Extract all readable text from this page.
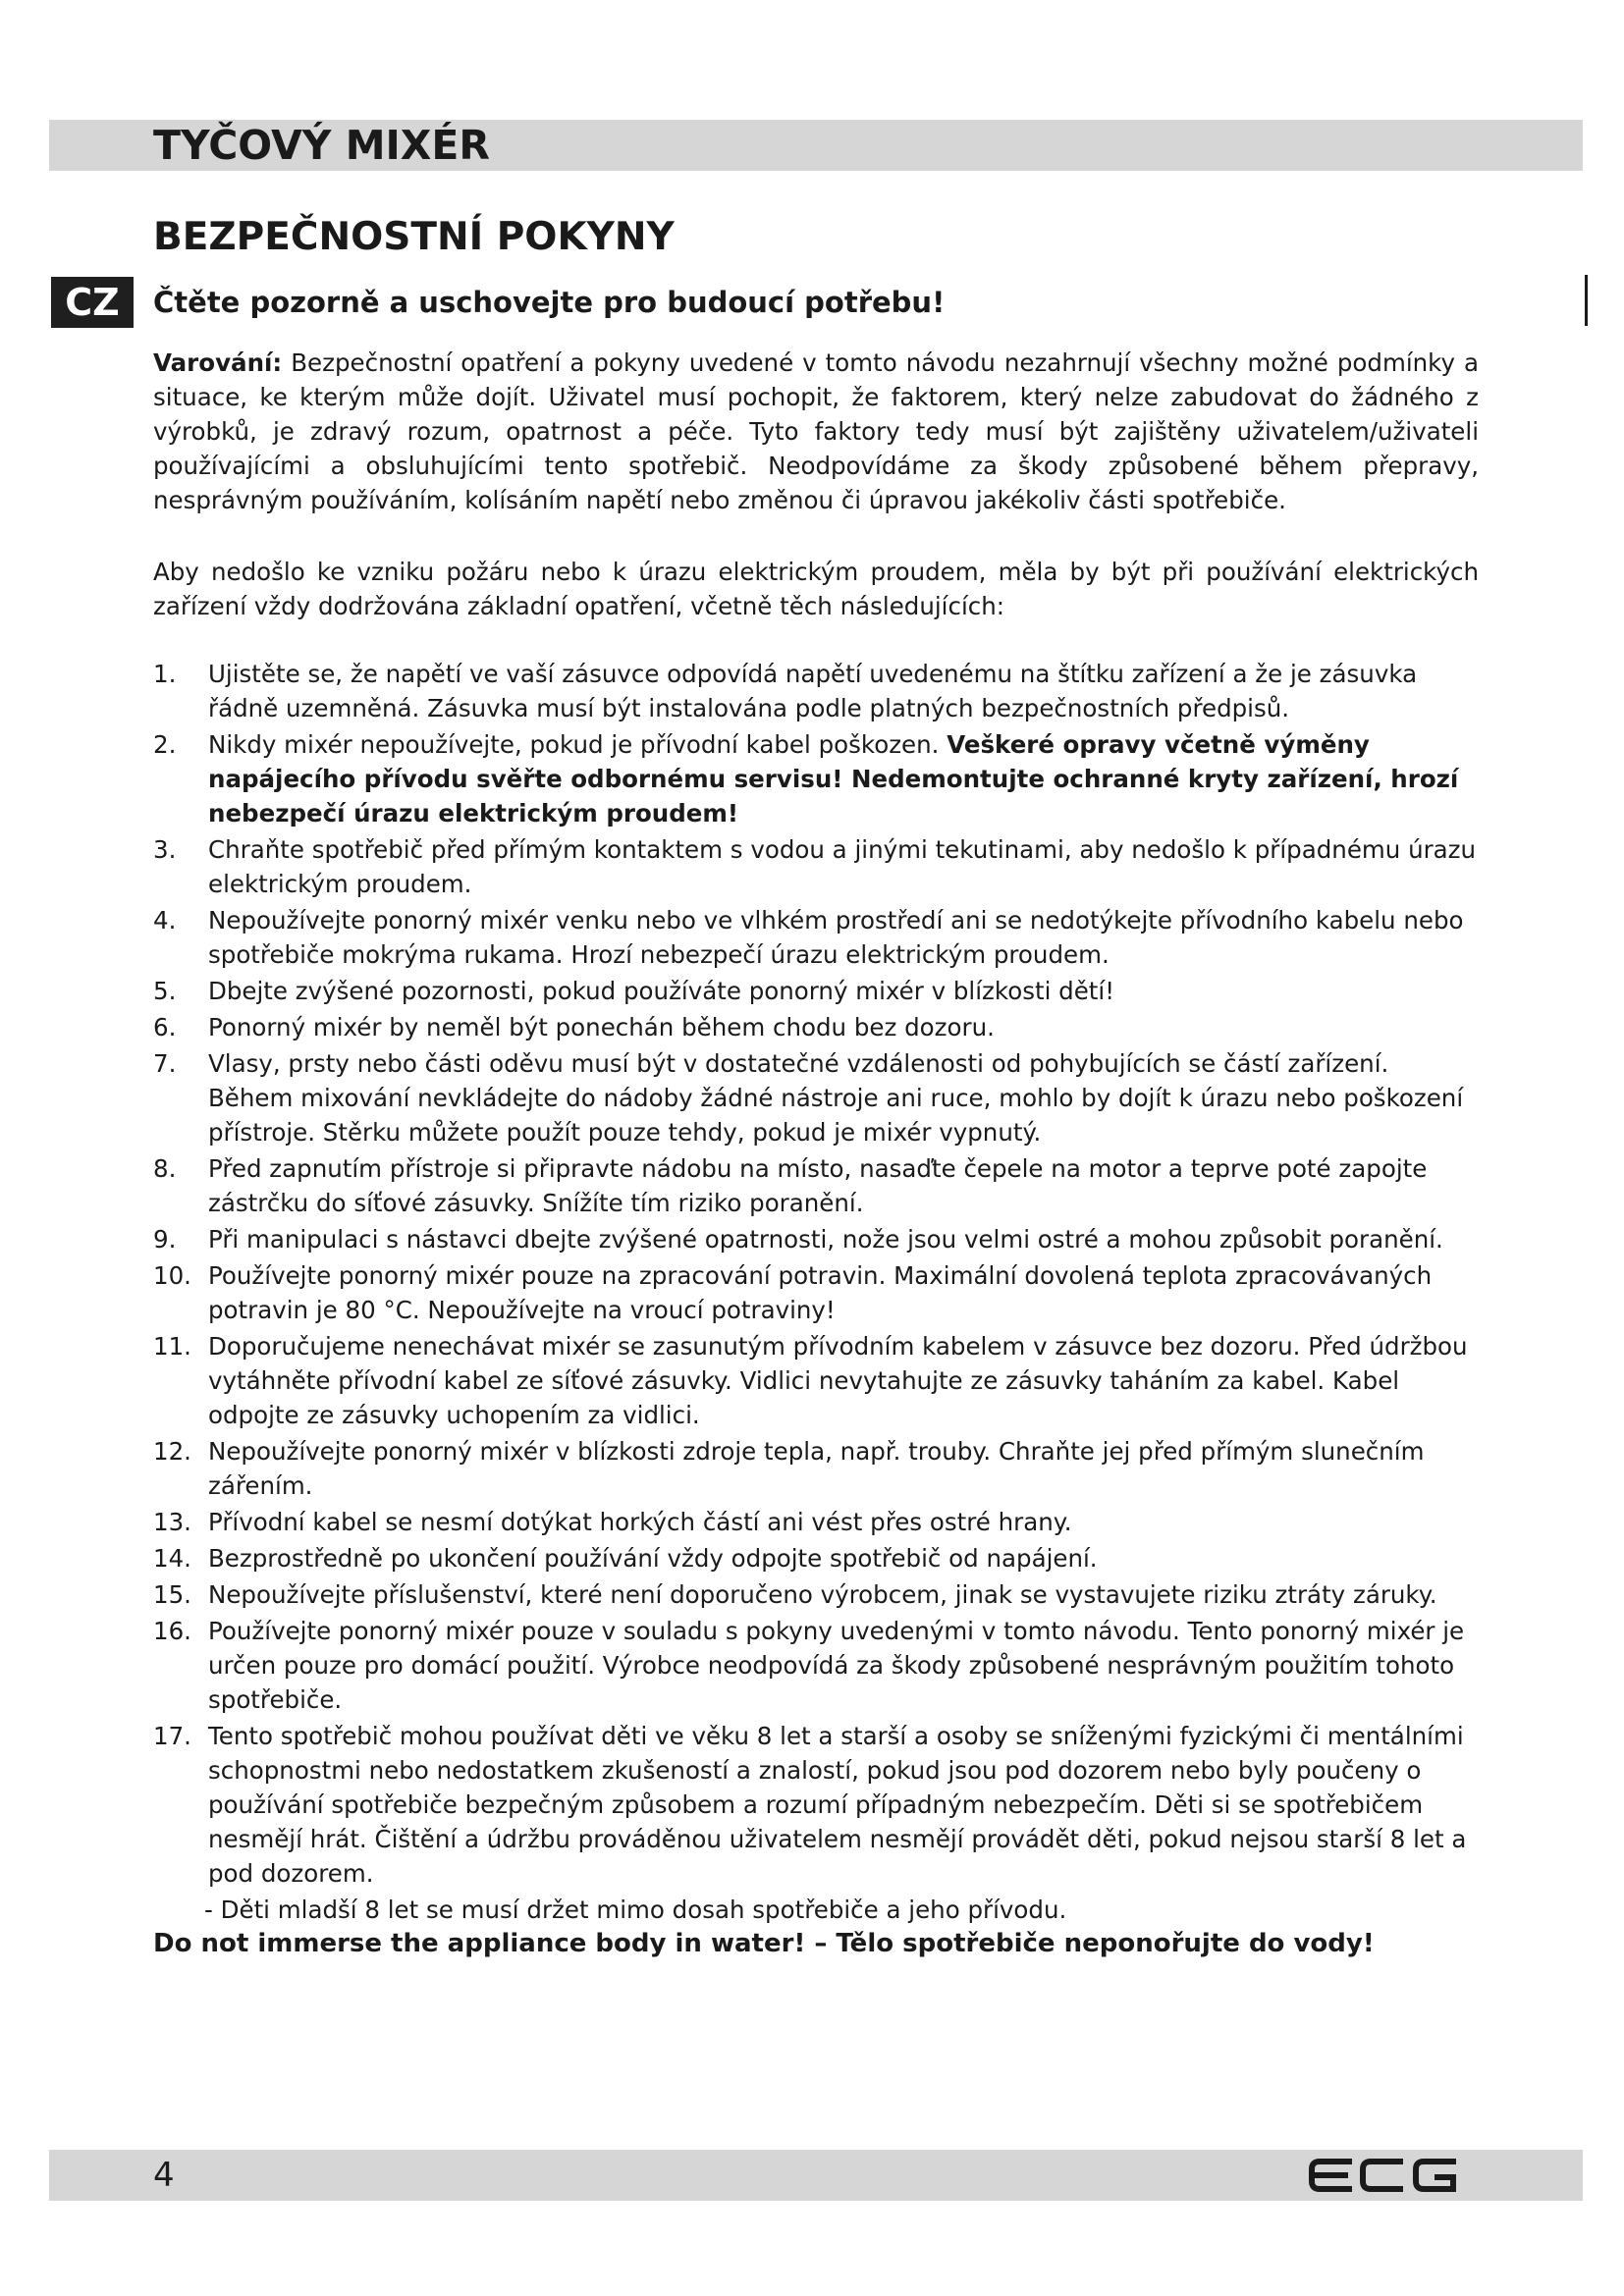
TYČOVÝ MIXÉR
BEZPEČNOSTNÍ POKYNY
CZ	Čtěte pozorně a uschovejte pro budoucí potřebu!

Varování: Bezpečnostní opatření a pokyny uvedené v tomto návodu nezahrnují všechny možné podmínky a situace, ke kterým může dojít. Uživatel musí pochopit, že faktorem, který nelze zabudovat do žádného z výrobků, je zdravý rozum, opatrnost a péče. Tyto faktory tedy musí být zajištěny uživatelem/uživateli používajícími a obsluhujícími tento spotřebič. Neodpovídáme za škody způsobené během přepravy, nesprávným používáním, kolísáním napětí nebo změnou či úpravou jakékoliv části spotřebiče.

Aby nedošlo ke vzniku požáru nebo k úrazu elektrickým proudem, měla by být při používání elektrických zařízení vždy dodržována základní opatření, včetně těch následujících:

1.	Ujistěte se, že napětí ve vaší zásuvce odpovídá napětí uvedenému na štítku zařízení a že je zásuvka řádně uzemněná. Zásuvka musí být instalována podle platných bezpečnostních předpisů.
2.	Nikdy mixér nepoužívejte, pokud je přívodní kabel poškozen. Veškeré opravy včetně výměny napájecího přívodu svěřte odbornému servisu! Nedemontujte ochranné kryty zařízení, hrozí nebezpečí úrazu elektrickým proudem!
3.	Chraňte spotřebič před přímým kontaktem s vodou a jinými tekutinami, aby nedošlo k případnému úrazu elektrickým proudem.
4.	Nepoužívejte ponorný mixér venku nebo ve vlhkém prostředí ani se nedotýkejte přívodního kabelu nebo spotřebiče mokrýma rukama. Hrozí nebezpečí úrazu elektrickým proudem.
5.	Dbejte zvýšené pozornosti, pokud používáte ponorný mixér v blízkosti dětí!
6.	Ponorný mixér by neměl být ponechán během chodu bez dozoru.
7.	Vlasy, prsty nebo části oděvu musí být v dostatečné vzdálenosti od pohybujících se částí zařízení. Během mixování nevkládejte do nádoby žádné nástroje ani ruce, mohlo by dojít k úrazu nebo poškození přístroje. Stěrku můžete použít pouze tehdy, pokud je mixér vypnutý.
8.	Před zapnutím přístroje si připravte nádobu na místo, nasaďte čepele na motor a teprve poté zapojte zástrčku do síťové zásuvky. Snížíte tím riziko poranění.
9.	Při manipulaci s nástavci dbejte zvýšené opatrnosti, nože jsou velmi ostré a mohou způsobit poranění.
10. Používejte ponorný mixér pouze na zpracování potravin. Maximální dovolená teplota zpracovávaných potravin je 80 °C. Nepoužívejte na vroucí potraviny!
11. Doporučujeme nenechávat mixér se zasunutým přívodním kabelem v zásuvce bez dozoru. Před údržbou vytáhněte přívodní kabel ze síťové zásuvky. Vidlici nevytahujte ze zásuvky taháním za kabel. Kabel odpojte ze zásuvky uchopením za vidlici.
12. Nepoužívejte ponorný mixér v blízkosti zdroje tepla, např. trouby. Chraňte jej před přímým slunečním zářením.
13. Přívodní kabel se nesmí dotýkat horkých částí ani vést přes ostré hrany.
14. Bezprostředně po ukončení používání vždy odpojte spotřebič od napájení.
15. Nepoužívejte příslušenství, které není doporučeno výrobcem, jinak se vystavujete riziku ztráty záruky.
16. Používejte ponorný mixér pouze v souladu s pokyny uvedenými v tomto návodu. Tento ponorný mixér je určen pouze pro domácí použití. Výrobce neodpovídá za škody způsobené nesprávným použitím tohoto spotřebiče.
17. Tento spotřebič mohou používat děti ve věku 8 let a starší a osoby se sníženými fyzickými či mentálními schopnostmi nebo nedostatkem zkušeností a znalostí, pokud jsou pod dozorem nebo byly poučeny o používání spotřebiče bezpečným způsobem a rozumí případným nebezpečím. Děti si se spotřebičem nesmějí hrát. Čištění a údržbu prováděnou uživatelem nesmějí provádět děti, pokud nejsou starší 8 let a pod dozorem.

- Děti mladší 8 let se musí držet mimo dosah spotřebiče a jeho přívodu.

Do not immerse the appliance body in water! – Tělo spotřebiče neponořujte do vody!

4
